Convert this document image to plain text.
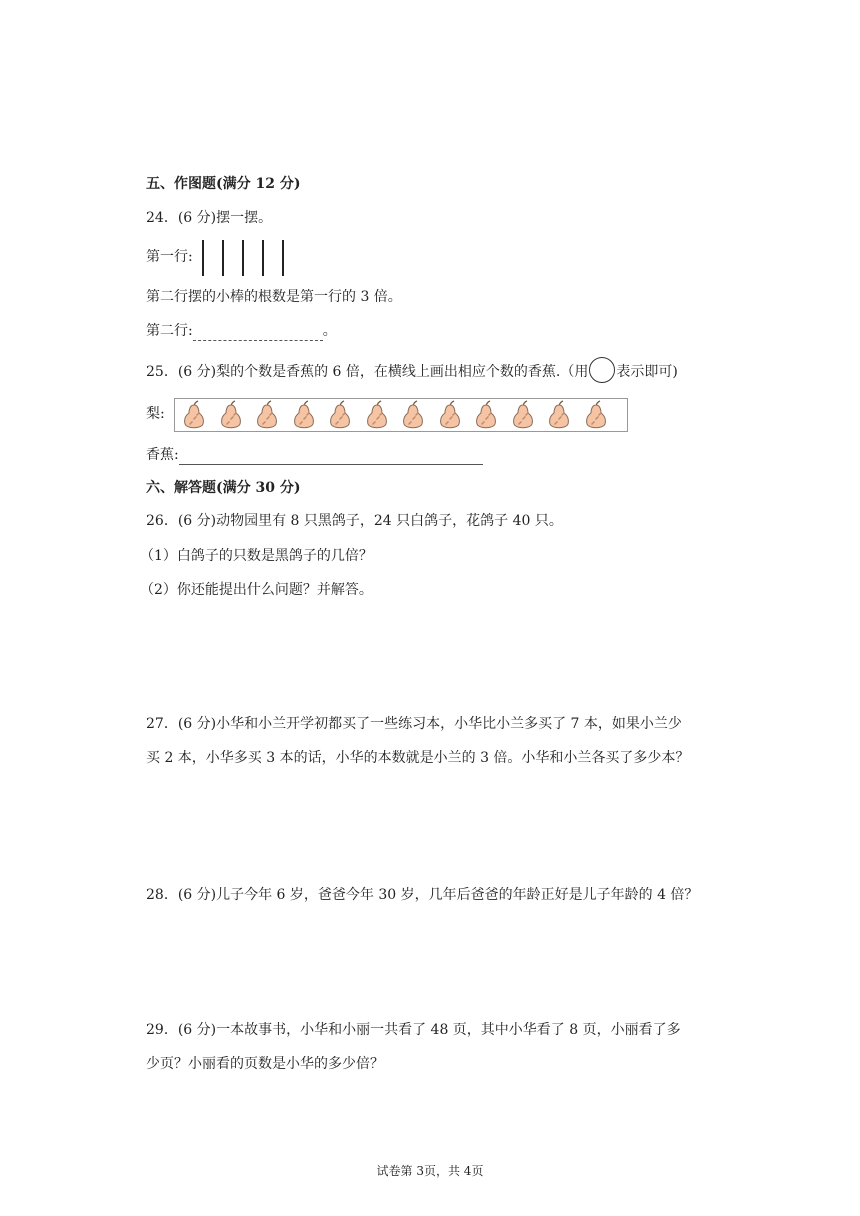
五、作图题(满分 12 分)
24．(6 分)摆一摆。
第一行:
第二行摆的小棒的根数是第一行的 3 倍。
第二行:	。
25．(6 分)梨的个数是香蕉的 6 倍，在横线上画出相应个数的香蕉.（用 表示即可)
梨:
香蕉:
六、解答题(满分 30 分)
26．(6 分)动物园里有 8 只黑鸽子，24 只白鸽子，花鸽子 40 只。
（1）白鸽子的只数是黑鸽子的几倍？
（2）你还能提出什么问题？并解答。
27．(6 分)小华和小兰开学初都买了一些练习本，小华比小兰多买了 7 本，如果小兰少
买 2 本，小华多买 3 本的话，小华的本数就是小兰的 3 倍。小华和小兰各买了多少本？
28．(6 分)儿子今年 6 岁，爸爸今年 30 岁，几年后爸爸的年龄正好是儿子年龄的 4 倍？
29．(6 分)一本故事书，小华和小丽一共看了 48 页，其中小华看了 8 页，小丽看了多
少页？小丽看的页数是小华的多少倍？
试卷第 3页，共 4页
